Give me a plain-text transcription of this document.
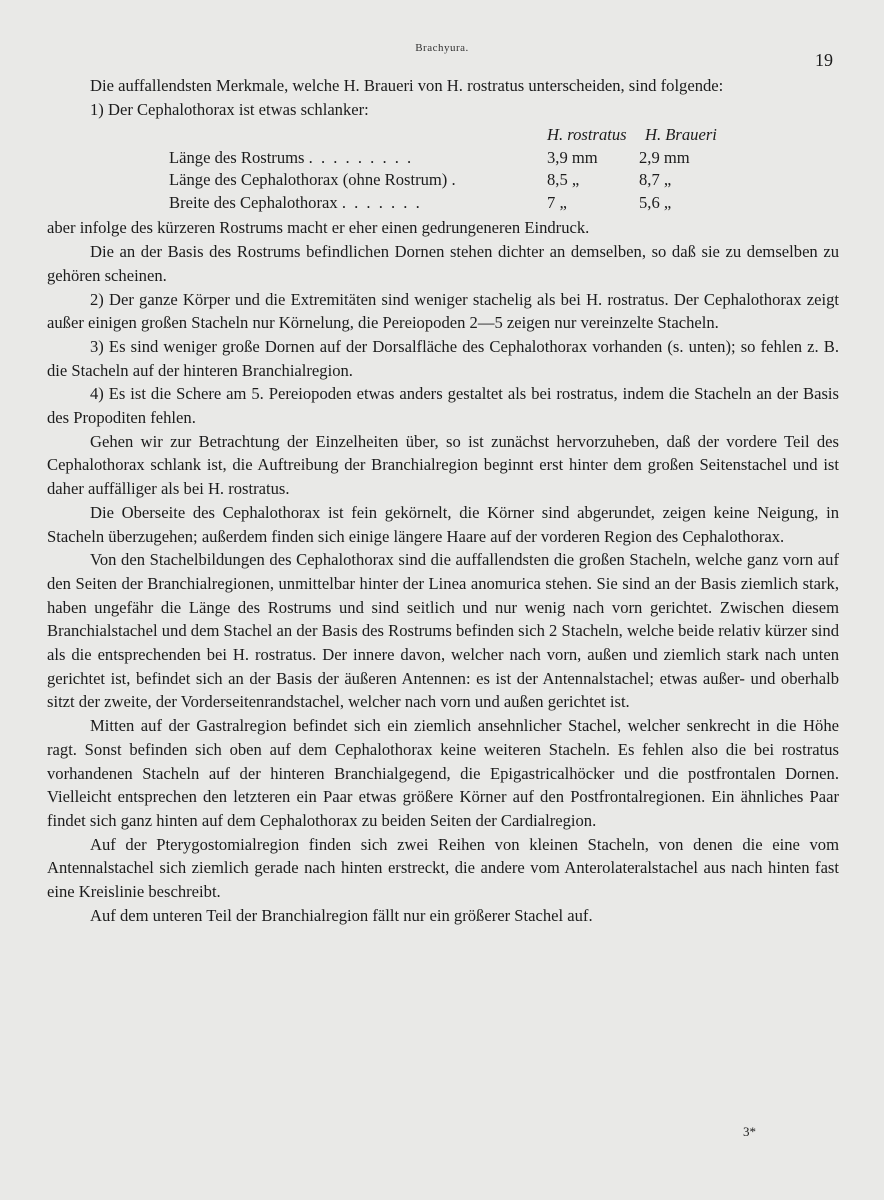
Brachyura.
19

Die auffallendsten Merkmale, welche H. Braueri von H. rostratus unterscheiden, sind folgende:

1) Der Cephalothorax ist etwas schlanker:

H. rostratus	H. Braueri
Länge des Rostrums . . . . . . . . .	3,9 mm	2,9 mm
Länge des Cephalothorax (ohne Rostrum) .	8,5 „	8,7 „
Breite des Cephalothorax . . . . . . .	7 „	5,6 „

aber infolge des kürzeren Rostrums macht er eher einen gedrungeneren Eindruck.

Die an der Basis des Rostrums befindlichen Dornen stehen dichter an demselben, so daß sie zu demselben zu gehören scheinen.

2) Der ganze Körper und die Extremitäten sind weniger stachelig als bei H. rostratus. Der Cephalothorax zeigt außer einigen großen Stacheln nur Körnelung, die Pereiopoden 2—5 zeigen nur vereinzelte Stacheln.

3) Es sind weniger große Dornen auf der Dorsalfläche des Cephalothorax vorhanden (s. unten); so fehlen z. B. die Stacheln auf der hinteren Branchialregion.

4) Es ist die Schere am 5. Pereiopoden etwas anders gestaltet als bei rostratus, indem die Stacheln an der Basis des Propoditen fehlen.

Gehen wir zur Betrachtung der Einzelheiten über, so ist zunächst hervorzuheben, daß der vordere Teil des Cephalothorax schlank ist, die Auftreibung der Branchialregion beginnt erst hinter dem großen Seitenstachel und ist daher auffälliger als bei H. rostratus.

Die Oberseite des Cephalothorax ist fein gekörnelt, die Körner sind abgerundet, zeigen keine Neigung, in Stacheln überzugehen; außerdem finden sich einige längere Haare auf der vorderen Region des Cephalothorax.

Von den Stachelbildungen des Cephalothorax sind die auffallendsten die großen Stacheln, welche ganz vorn auf den Seiten der Branchialregionen, unmittelbar hinter der Linea anomurica stehen. Sie sind an der Basis ziemlich stark, haben ungefähr die Länge des Rostrums und sind seitlich und nur wenig nach vorn gerichtet. Zwischen diesem Branchialstachel und dem Stachel an der Basis des Rostrums befinden sich 2 Stacheln, welche beide relativ kürzer sind als die entsprechenden bei H. rostratus. Der innere davon, welcher nach vorn, außen und ziemlich stark nach unten gerichtet ist, befindet sich an der Basis der äußeren Antennen: es ist der Antennalstachel; etwas außer- und oberhalb sitzt der zweite, der Vorderseitenrandstachel, welcher nach vorn und außen gerichtet ist.

Mitten auf der Gastralregion befindet sich ein ziemlich ansehnlicher Stachel, welcher senkrecht in die Höhe ragt. Sonst befinden sich oben auf dem Cephalothorax keine weiteren Stacheln. Es fehlen also die bei rostratus vorhandenen Stacheln auf der hinteren Branchialgegend, die Epigastricalhöcker und die postfrontalen Dornen. Vielleicht entsprechen den letzteren ein Paar etwas größere Körner auf den Postfrontalregionen. Ein ähnliches Paar findet sich ganz hinten auf dem Cephalothorax zu beiden Seiten der Cardialregion.

Auf der Pterygostomialregion finden sich zwei Reihen von kleinen Stacheln, von denen die eine vom Antennalstachel sich ziemlich gerade nach hinten erstreckt, die andere vom Anterolateralstachel aus nach hinten fast eine Kreislinie beschreibt.

Auf dem unteren Teil der Branchialregion fällt nur ein größerer Stachel auf.

3*
